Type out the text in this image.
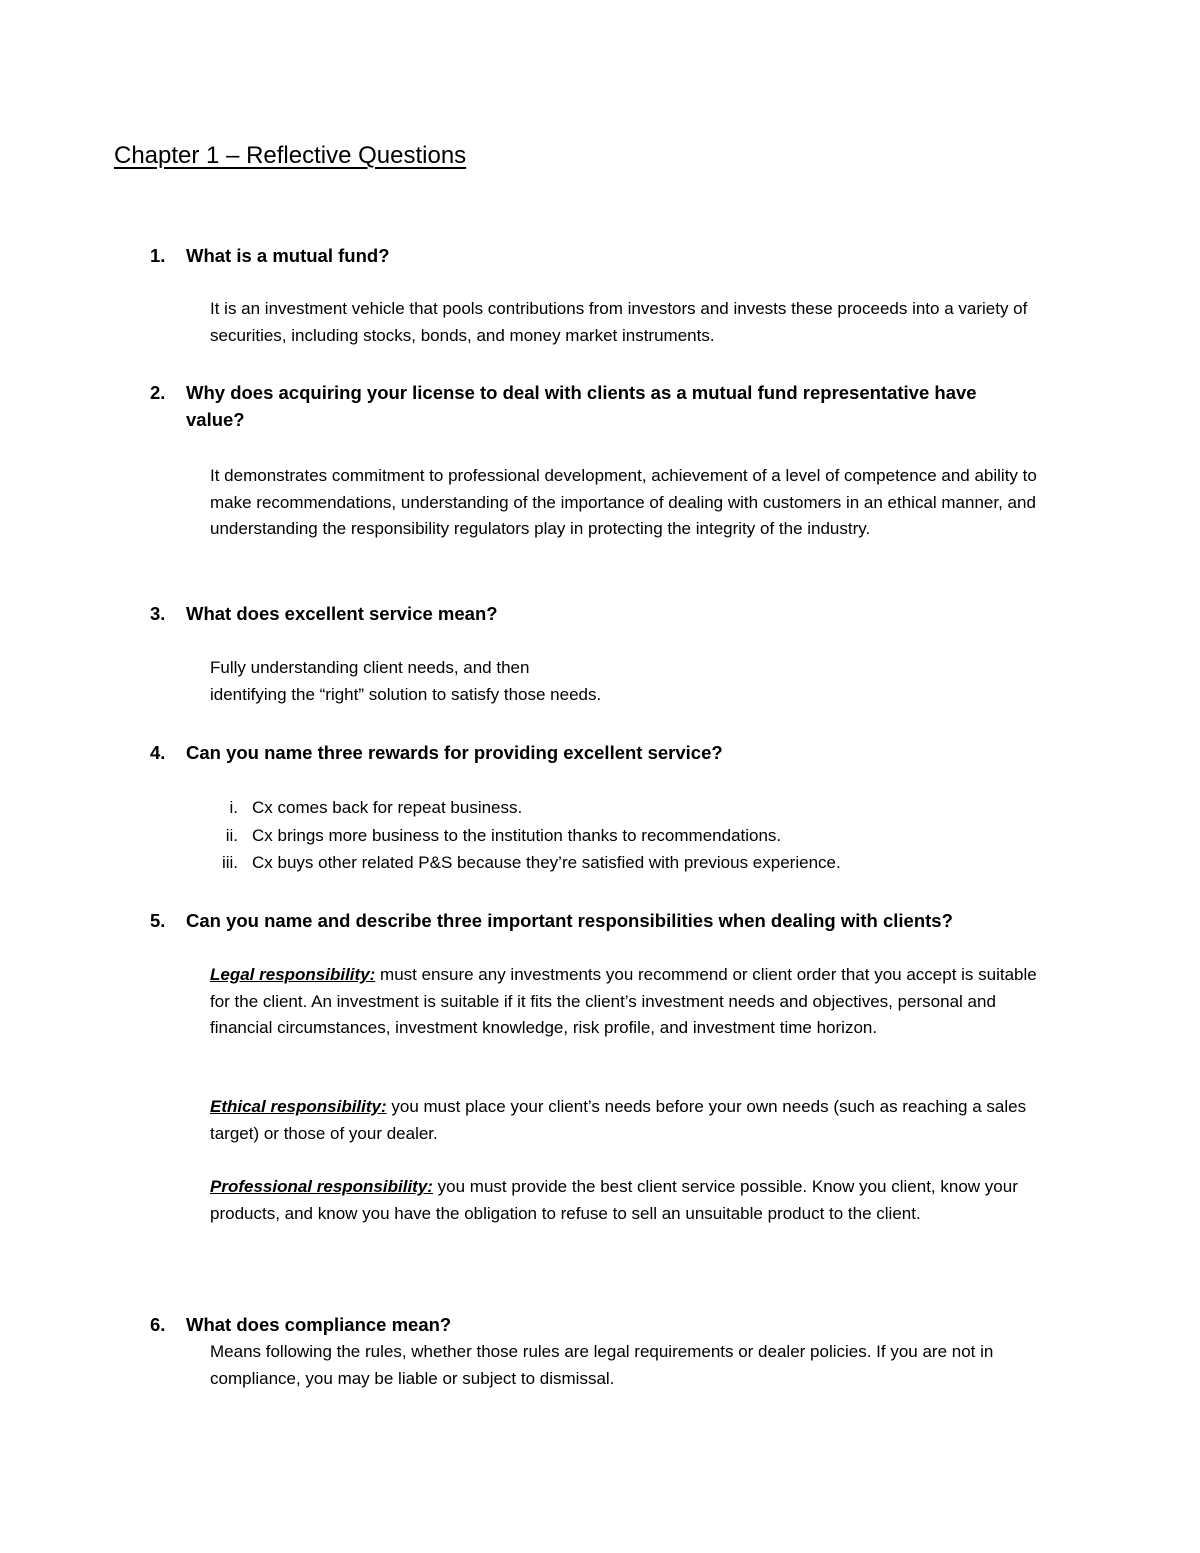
Chapter 1 – Reflective Questions
1. What is a mutual fund?

It is an investment vehicle that pools contributions from investors and invests these proceeds into a variety of securities, including stocks, bonds, and money market instruments.

2. Why does acquiring your license to deal with clients as a mutual fund representative have value?

It demonstrates commitment to professional development, achievement of a level of competence and ability to make recommendations, understanding of the importance of dealing with customers in an ethical manner, and understanding the responsibility regulators play in protecting the integrity of the industry.

3. What does excellent service mean?

Fully understanding client needs, and then

identifying the “right” solution to satisfy those needs.

4. Can you name three rewards for providing excellent service?
i. Cx comes back for repeat business.
ii. Cx brings more business to the institution thanks to recommendations.
iii. Cx buys other related P&S because they’re satisfied with previous experience.
5. Can you name and describe three important responsibilities when dealing with clients?

Legal responsibility: must ensure any investments you recommend or client order that you accept is suitable for the client. An investment is suitable if it fits the client’s investment needs and objectives, personal and financial circumstances, investment knowledge, risk profile, and investment time horizon.

Ethical responsibility: you must place your client’s needs before your own needs (such as reaching a sales target) or those of your dealer.

Professional responsibility: you must provide the best client service possible. Know you client, know your products, and know you have the obligation to refuse to sell an unsuitable product to the client.

6. What does compliance mean?

Means following the rules, whether those rules are legal requirements or dealer policies. If you are not in compliance, you may be liable or subject to dismissal.
